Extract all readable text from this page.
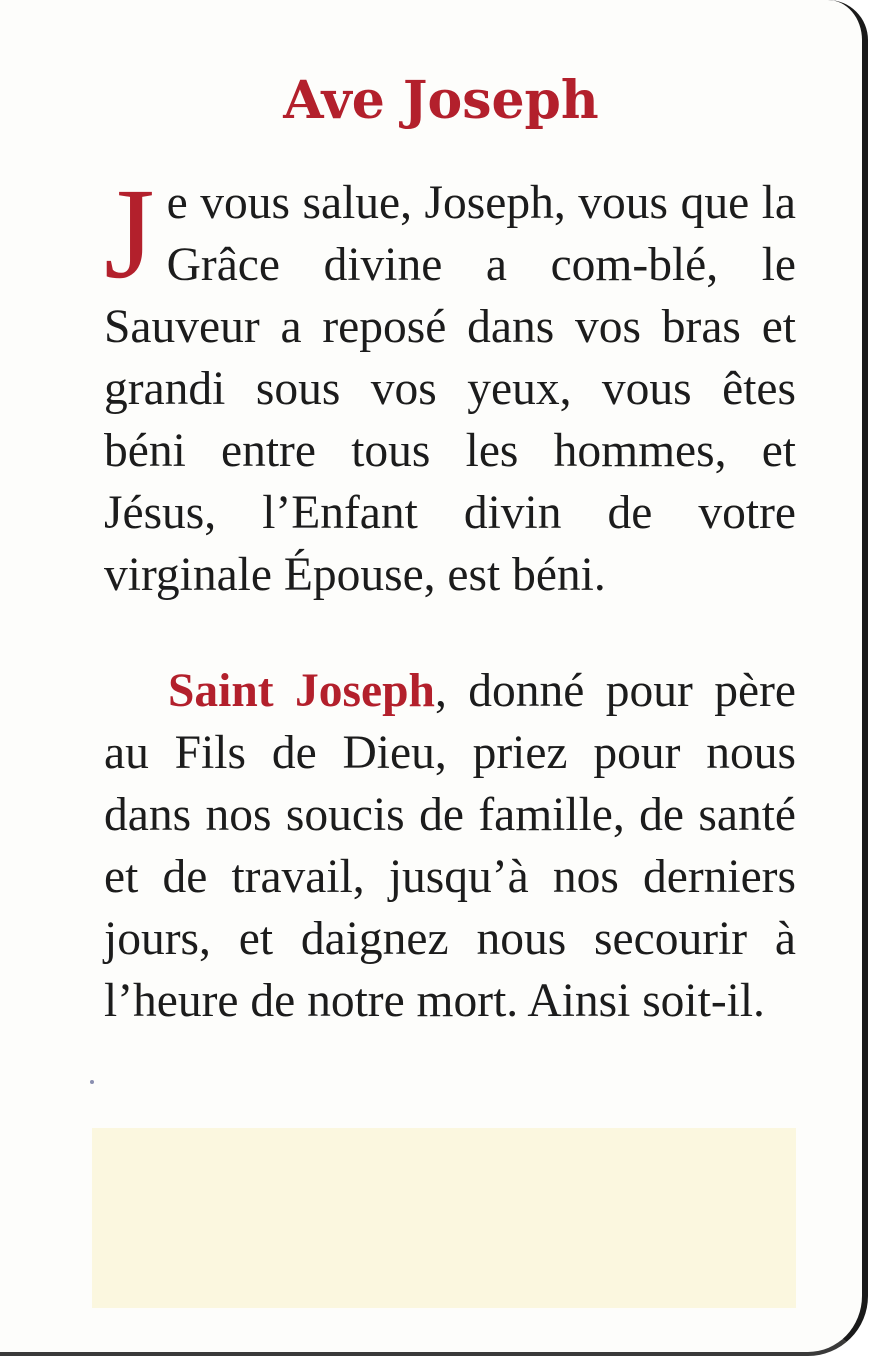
Ave Joseph
J e vous salue, Joseph, vous que la Grâce divine a com-blé, le Sauveur a reposé dans vos bras et grandi sous vos yeux, vous êtes béni entre tous les hommes, et Jésus, l’Enfant divin de votre virginale Épouse, est béni.
Saint Joseph, donné pour père au Fils de Dieu, priez pour nous dans nos soucis de famille, de santé et de travail, jusqu’à nos derniers jours, et daignez nous secourir à l’heure de notre mort. Ainsi soit-il.
